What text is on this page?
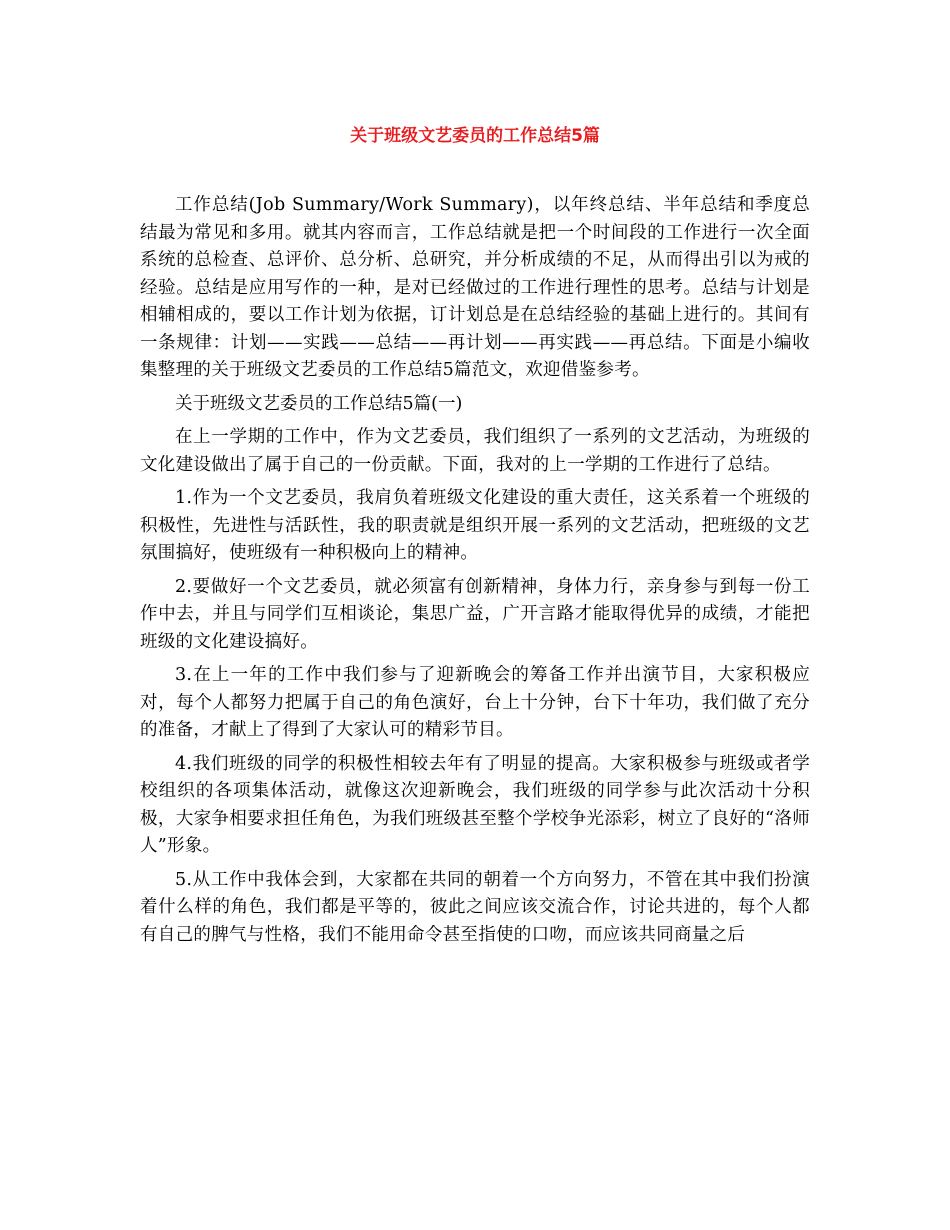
关于班级文艺委员的工作总结5篇

工作总结(Job Summary/Work Summary)，以年终总结、半年总结和季度总结最为常见和多用。就其内容而言，工作总结就是把一个时间段的工作进行一次全面系统的总检查、总评价、总分析、总研究，并分析成绩的不足，从而得出引以为戒的经验。总结是应用写作的一种，是对已经做过的工作进行理性的思考。总结与计划是相辅相成的，要以工作计划为依据，订计划总是在总结经验的基础上进行的。其间有一条规律：计划——实践——总结——再计划——再实践——再总结。下面是小编收集整理的关于班级文艺委员的工作总结5篇范文，欢迎借鉴参考。

关于班级文艺委员的工作总结5篇(一)

在上一学期的工作中，作为文艺委员，我们组织了一系列的文艺活动，为班级的文化建设做出了属于自己的一份贡献。下面，我对的上一学期的工作进行了总结。

1.作为一个文艺委员，我肩负着班级文化建设的重大责任，这关系着一个班级的积极性，先进性与活跃性，我的职责就是组织开展一系列的文艺活动，把班级的文艺氛围搞好，使班级有一种积极向上的精神。

2.要做好一个文艺委员，就必须富有创新精神，身体力行，亲身参与到每一份工作中去，并且与同学们互相谈论，集思广益，广开言路才能取得优异的成绩，才能把班级的文化建设搞好。

3.在上一年的工作中我们参与了迎新晚会的筹备工作并出演节目，大家积极应对，每个人都努力把属于自己的角色演好，台上十分钟，台下十年功，我们做了充分的准备，才献上了得到了大家认可的精彩节目。

4.我们班级的同学的积极性相较去年有了明显的提高。大家积极参与班级或者学校组织的各项集体活动，就像这次迎新晚会，我们班级的同学参与此次活动十分积极，大家争相要求担任角色，为我们班级甚至整个学校争光添彩，树立了良好的“洛师人”形象。

5.从工作中我体会到，大家都在共同的朝着一个方向努力，不管在其中我们扮演着什么样的角色，我们都是平等的，彼此之间应该交流合作，讨论共进的，每个人都有自己的脾气与性格，我们不能用命令甚至指使的口吻，而应该共同商量之后
